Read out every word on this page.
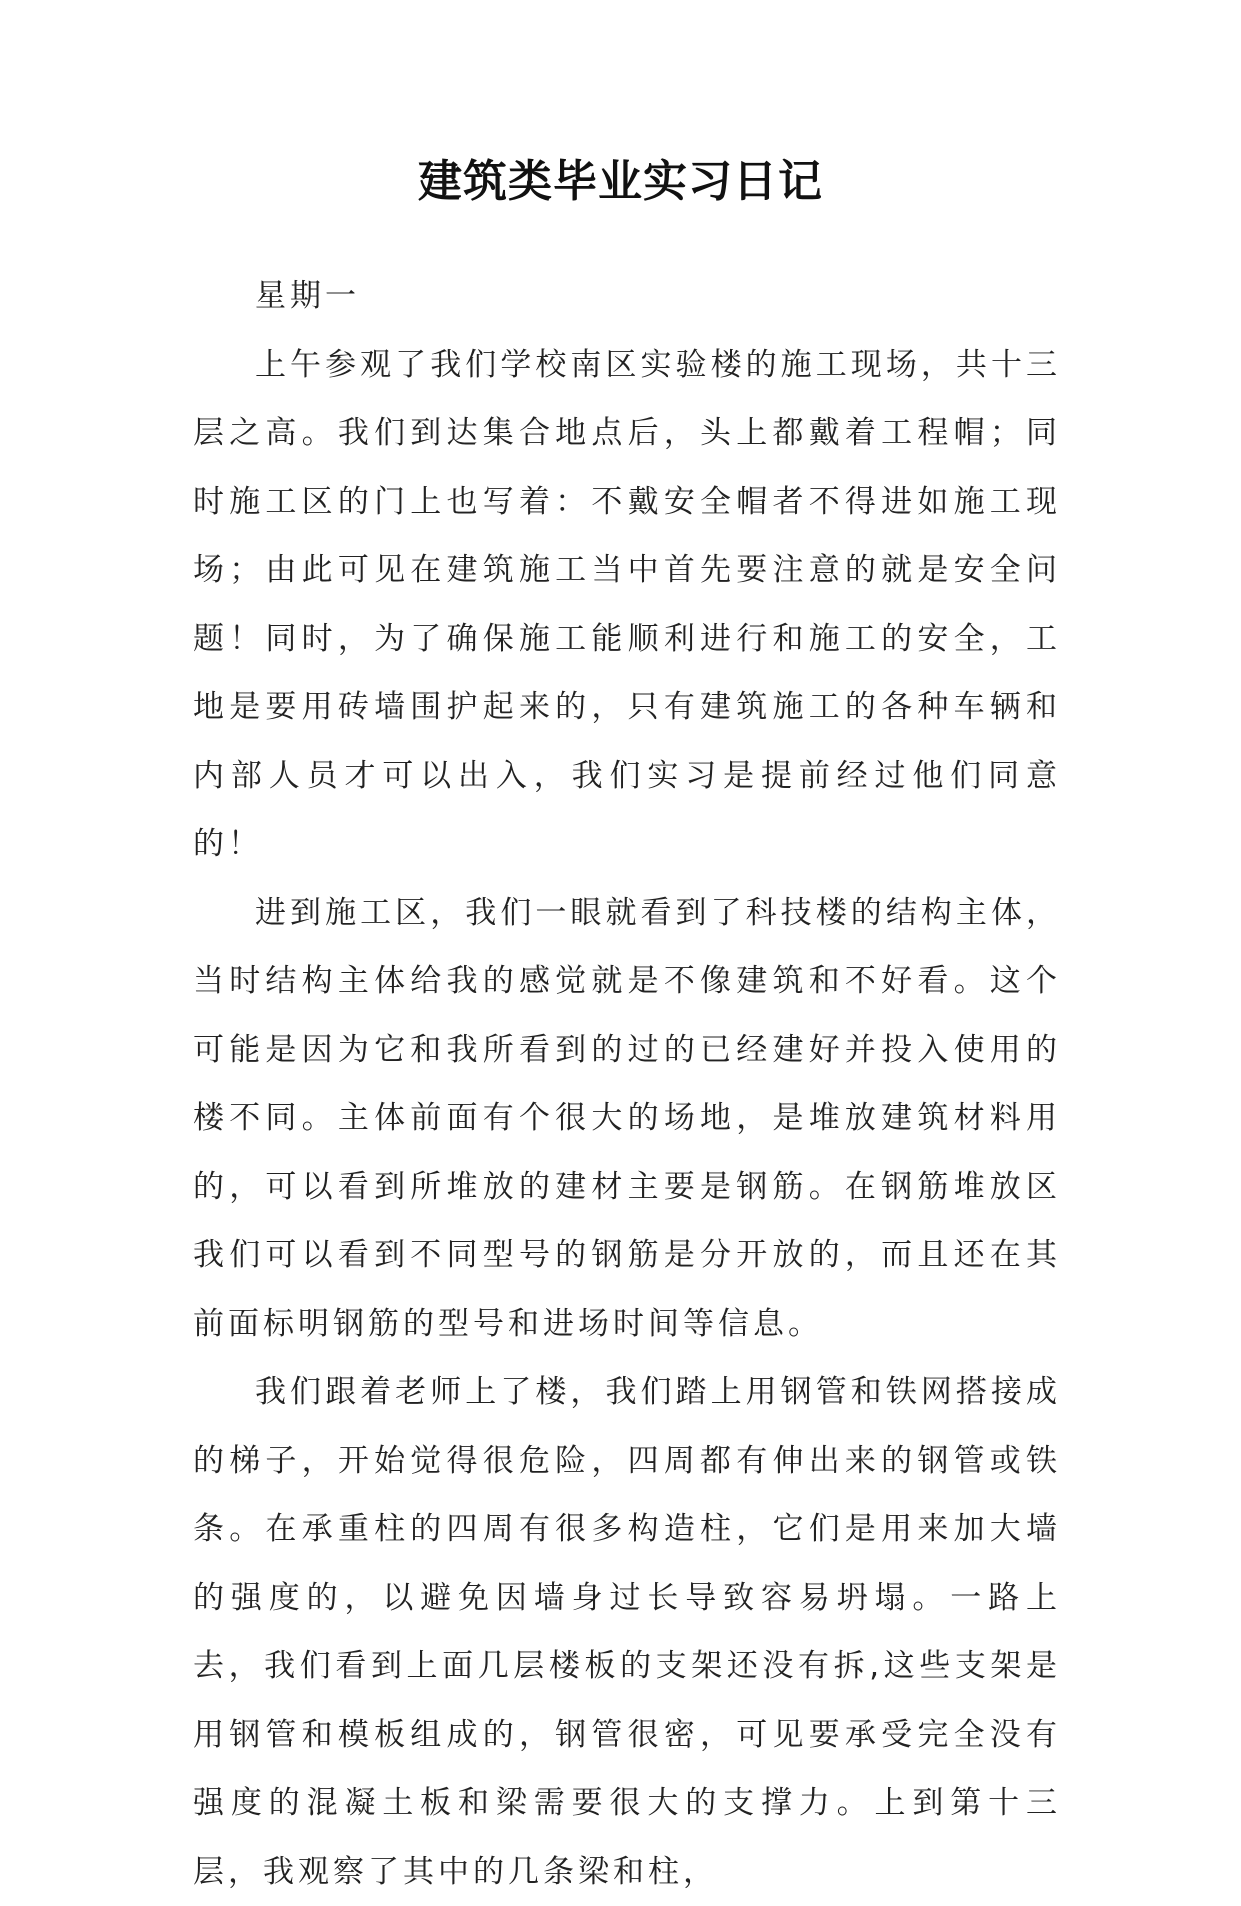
建筑类毕业实习日记

星期一

上午参观了我们学校南区实验楼的施工现场，共十三层之高。我们到达集合地点后，头上都戴着工程帽；同时施工区的门上也写着：不戴安全帽者不得进如施工现场；由此可见在建筑施工当中首先要注意的就是安全问题！同时，为了确保施工能顺利进行和施工的安全，工地是要用砖墙围护起来的，只有建筑施工的各种车辆和内部人员才可以出入，我们实习是提前经过他们同意的！

进到施工区，我们一眼就看到了科技楼的结构主体，当时结构主体给我的感觉就是不像建筑和不好看。这个可能是因为它和我所看到的过的已经建好并投入使用的楼不同。主体前面有个很大的场地，是堆放建筑材料用的，可以看到所堆放的建材主要是钢筋。在钢筋堆放区我们可以看到不同型号的钢筋是分开放的，而且还在其前面标明钢筋的型号和进场时间等信息。

我们跟着老师上了楼，我们踏上用钢管和铁网搭接成的梯子，开始觉得很危险，四周都有伸出来的钢管或铁条。在承重柱的四周有很多构造柱，它们是用来加大墙的强度的，以避免因墙身过长导致容易坍塌。一路上去，我们看到上面几层楼板的支架还没有拆,这些支架是用钢管和模板组成的，钢管很密，可见要承受完全没有强度的混凝土板和梁需要很大的支撑力。上到第十三层，我观察了其中的几条梁和柱，
